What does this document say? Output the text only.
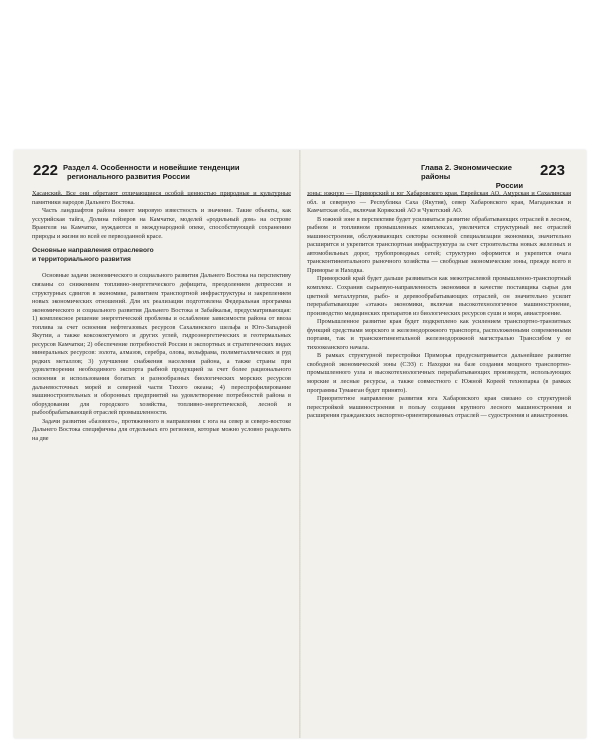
222 Раздел 4. Особенности и новейшие тенденции
регионального развития России

Хасанский. Все они обретают отличающиеся особой ценностью природные и культурные памятники народов Дальнего Востока.

Часть ландшафтов района имеет мировую известность и значение. Такие объекты, как уссурийская тайга, Долина гейзеров на Камчатке, моделей «родильный дом» на острове Врангеля на Камчатке, нуждаются в международной опеке, способствующей сохранению природы и жизни во всей ее первозданной красе.

Основные направления отраслевого
и территориального развития

Основные задачи экономического и социального развития Дальнего Востока на перспективу связаны со снижением топливно-энергетического дефицита, преодолением депрессии и структурных сдвигов в экономике, развитием транспортной инфраструктуры и закреплением новых экономических отношений. Для их реализации подготовлена Федеральная программа экономического и социального развития Дальнего Востока и Забайкалья, предусматривающая: 1) комплексное решение энергетической проблемы и ослабление зависимости района от ввоза топлива за счет освоения нефтегазовых ресурсов Сахалинского шельфа и Юго-Западной Якутии, а также коксококтуемого и других углей, гидроэнергетических и геотермальных ресурсов Камчатки; 2) обеспечение потребностей России в экспортных и стратегических видах минеральных ресурсов: золота, алмазов, серебра, олова, вольфрама, полиметаллических и руд редких металлов; 3) улучшение снабжения населения района, а также страны при удовлетворении необходимого экспорта рыбной продукцией за счет более рационального освоения и использования богатых и разнообразных биологических морских ресурсов дальневосточных морей и северной части Тихого океана; 4) переспрофилирование машиностроительных и оборонных предприятий на удовлетворение потребностей района в оборудовании для городского хозяйства, топливно-энергетической, лесной и рыбообрабатывающей отраслей промышленности.

Задачи развития «базового», протяженного в направлении с юга на север и северо-востоке Дальнего Востока специфичны для отдельных его регионов, которые можно условно разделить на две

Глава 2. Экономические районы
России
223

зоны: южную — Приморский и юг Хабаровского края, Еврейская АО, Амурская и Сахалинская обл. и северную — Республика Саха (Якутия), север Хабаровского края, Магаданская и Камчатская обл., включая Корякский АО и Чукотский АО.

В южной зоне в перспективе будет усиливаться развитие обрабатывающих отраслей в лесном, рыбном и топливном промышленных комплексах, увеличится структурный вес отраслей машиностроения, обслуживающих секторы основной специализации экономики, значительно расширится и укрепится транспортная инфраструктура за счет строительства новых железных и автомобильных дорог, трубопроводных сетей; структурно оформится и укрепится очага трансконтинентального рыночного хозяйства — свободные экономические зоны, прежде всего в Приморье и Находка.

Приморский край будет дальше развиваться как межотраслевой промышленно-транспортный комплекс. Сохранив сырьевую-направленность экономики в качестве поставщика сырья для цветной металлургии, рыбо- и деревообрабатывающих отраслей, он значительно усилит перерабатывающие «этажи» экономики, включая высокотехнологичное машиностроение, производство медицинских препаратов из биологических ресурсов суши и моря, авиастроение.

Промышленное развитие края будет подкреплено как усилением транспортно-транзитных функций средствами морского и железнодорожного транспорта, расположенными современными портами, так и трансконтинентальной железнодорожной магистралью Транссибом у ее тихоокеанского начала.

В рамках структурной перестройки Приморья предусматривается дальнейшее развитие свободной экономической зоны (СЭЗ) г. Находки на базе создания мощного транспортно-промышленного узла и высокотехнологичных перерабатывающих производств, использующих морские и лесные ресурсы, а также совместного с Южной Кореей технопарка (в рамках программы Туманган будет принято).

Приоритетное направление развития юга Хабаровского края связано со структурной перестройкой машиностроения в пользу создания крупного лесного машиностроения и расширения гражданских экспортно-ориентированных отраслей — судостроения и авиастроения.
